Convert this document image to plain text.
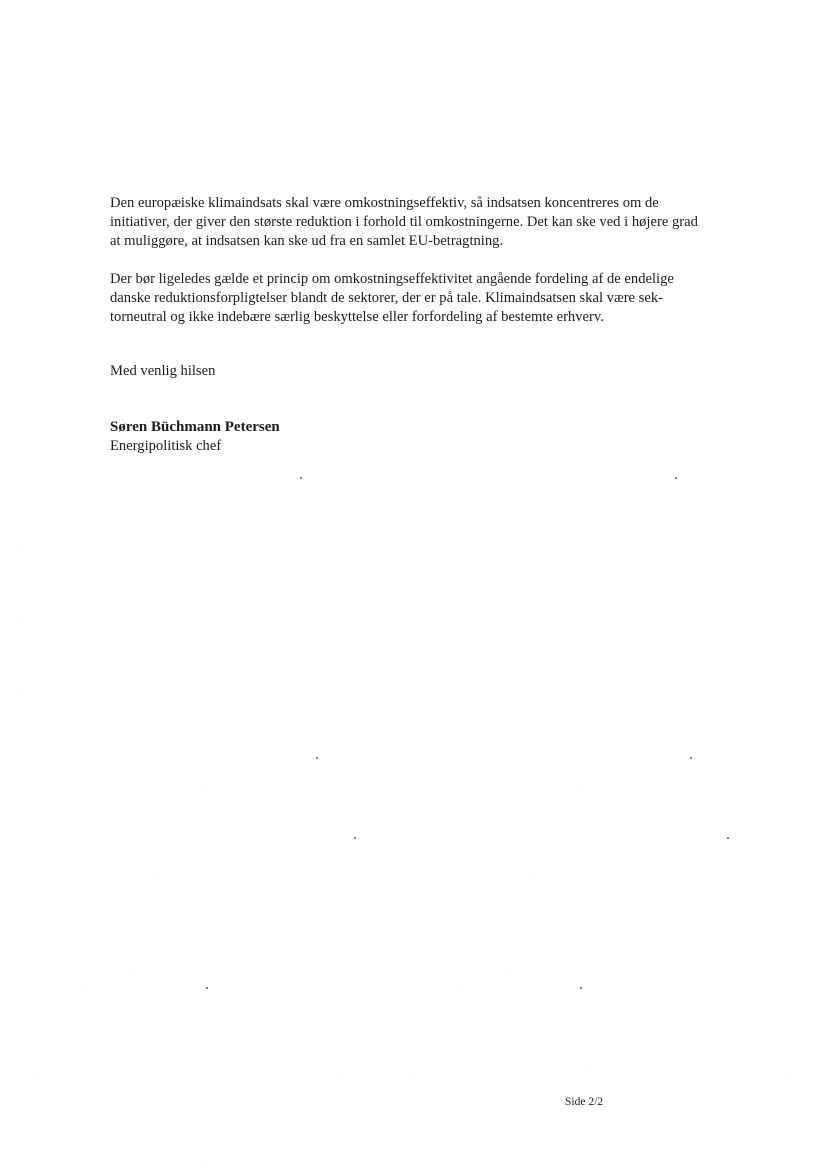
Den europæiske klimaindsats skal være omkostningseffektiv, så indsatsen koncentreres om de initiativer, der giver den største reduktion i forhold til omkostningerne. Det kan ske ved i højere grad at muliggøre, at indsatsen kan ske ud fra en samlet EU-betragtning.

Der bør ligeledes gælde et princip om omkostningseffektivitet angående fordeling af de endelige danske reduktionsforpligtelser blandt de sektorer, der er på tale. Klimaindsatsen skal være sek-torneutral og ikke indebære særlig beskyttelse eller forfordeling af bestemte erhverv.

Med venlig hilsen

Søren Büchmann Petersen

Energipolitisk chef

Side 2/2
